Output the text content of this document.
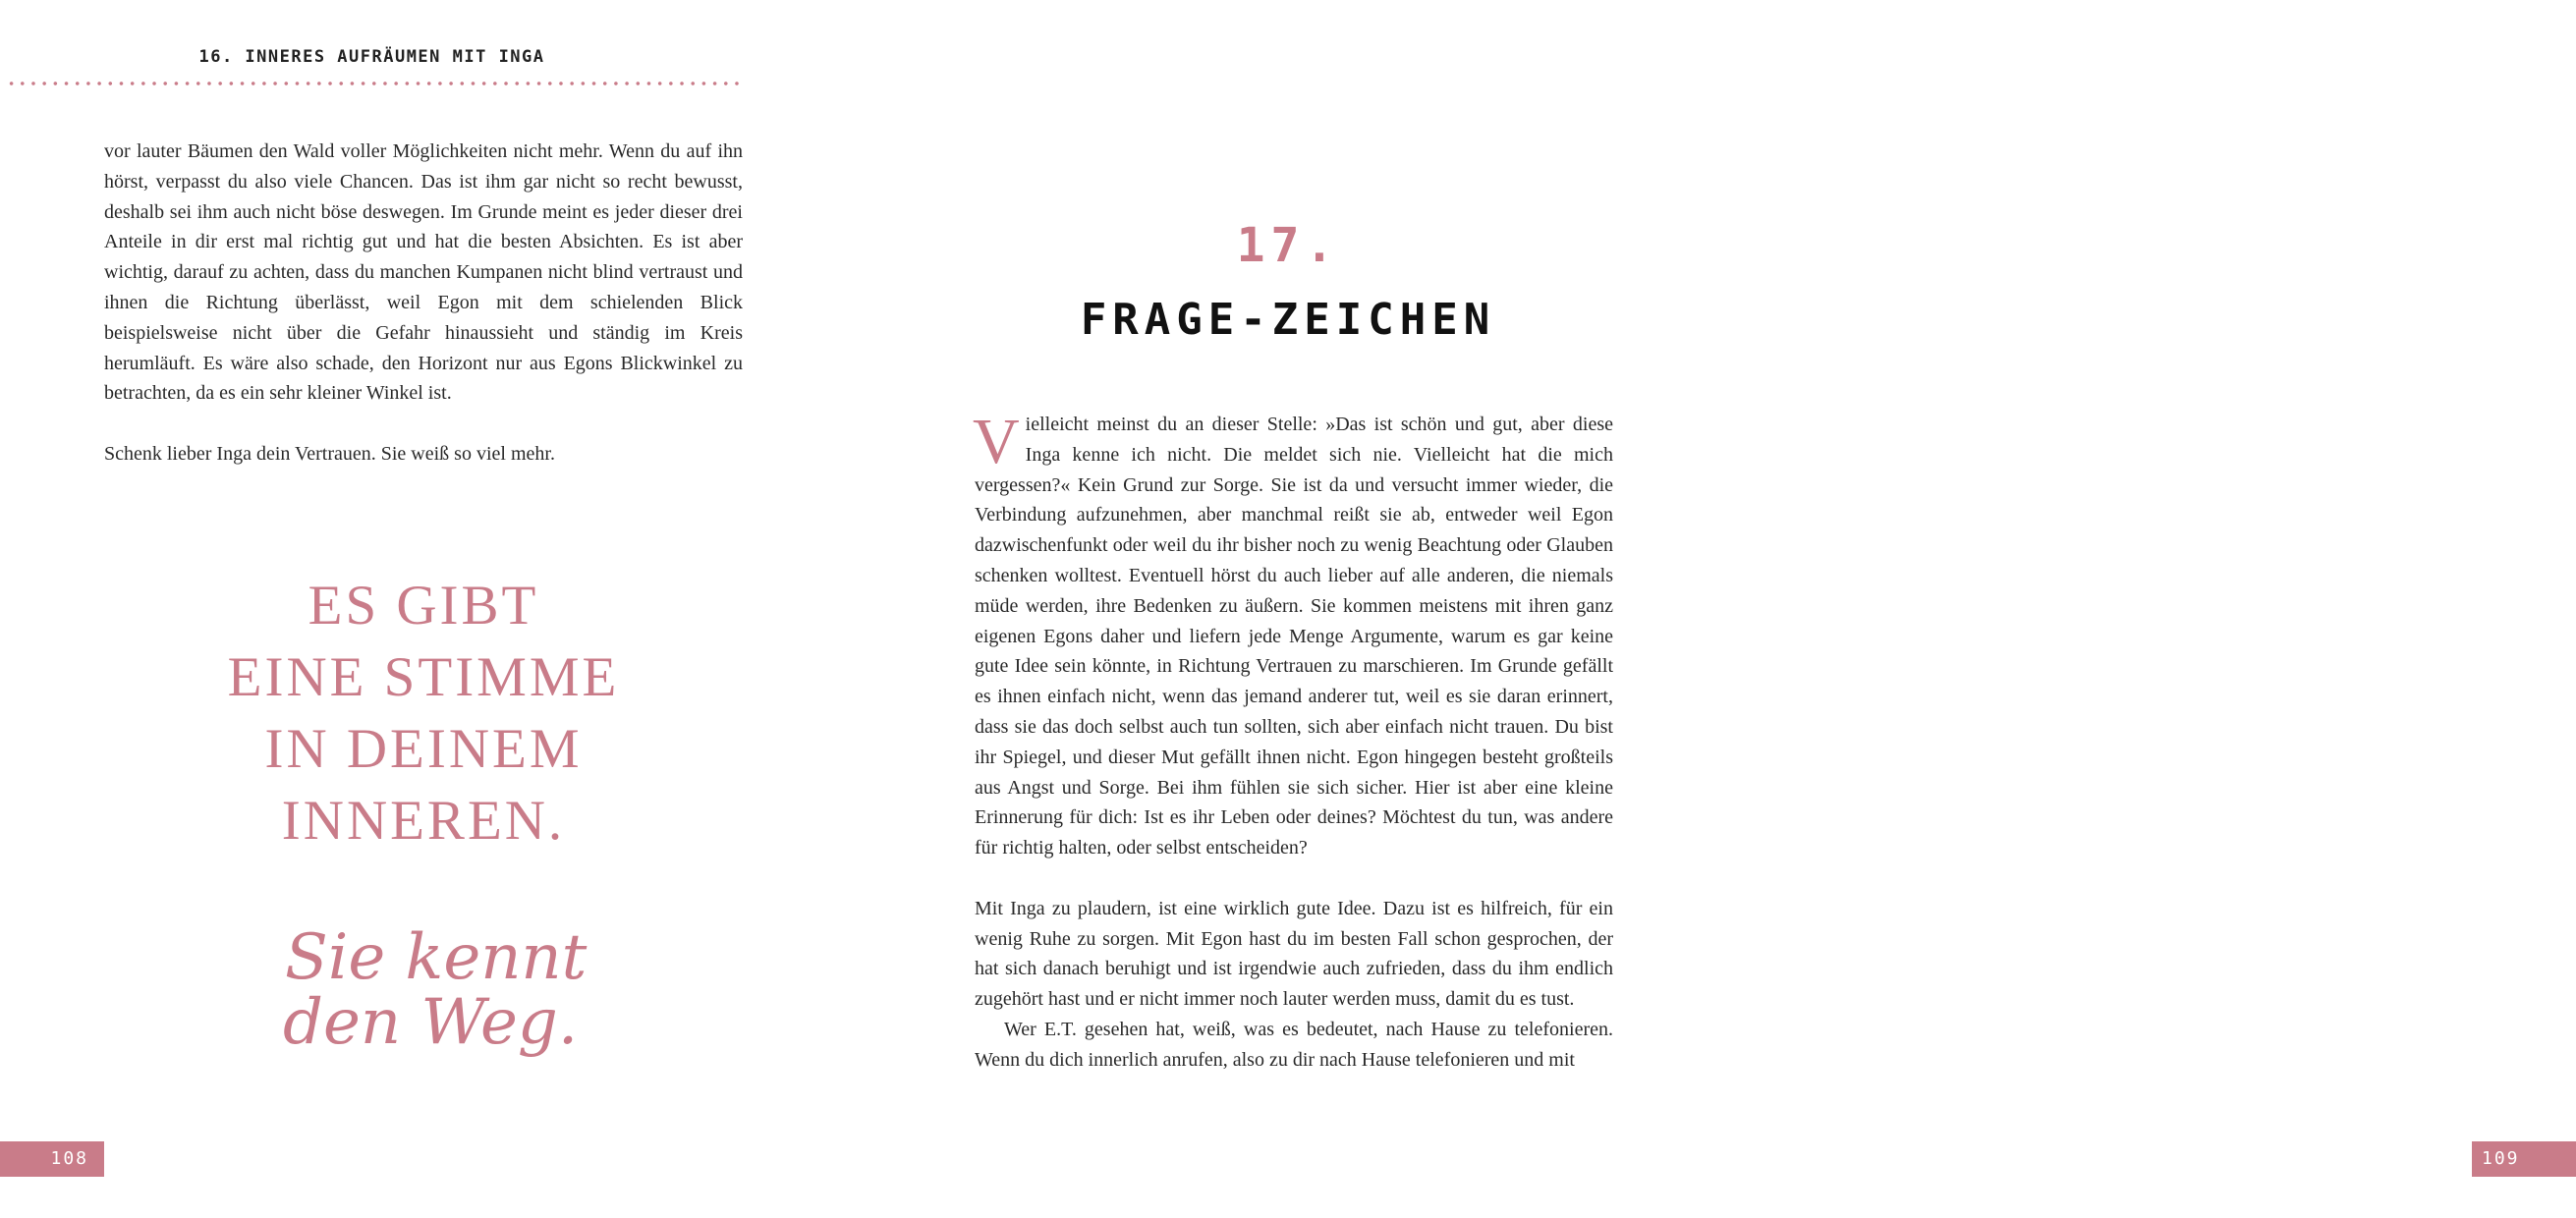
16. INNERES AUFRÄUMEN MIT INGA

vor lauter Bäumen den Wald voller Möglichkeiten nicht mehr. Wenn du auf ihn hörst, verpasst du also viele Chancen. Das ist ihm gar nicht so recht bewusst, deshalb sei ihm auch nicht böse deswegen. Im Grunde meint es jeder dieser drei Anteile in dir erst mal richtig gut und hat die besten Absichten. Es ist aber wichtig, darauf zu achten, dass du manchen Kumpanen nicht blind vertraust und ihnen die Richtung überlässt, weil Egon mit dem schielenden Blick beispielsweise nicht über die Gefahr hinaussieht und ständig im Kreis herumläuft. Es wäre also schade, den Horizont nur aus Egons Blickwinkel zu betrachten, da es ein sehr kleiner Winkel ist.

Schenk lieber Inga dein Vertrauen. Sie weiß so viel mehr.

ES GIBT
EINE STIMME
IN DEINEM
INNEREN.
Sie kennt
den Weg.
108
17.
FRAGE-ZEICHEN

Vielleicht meinst du an dieser Stelle: »Das ist schön und gut, aber diese Inga kenne ich nicht. Die meldet sich nie. Vielleicht hat die mich vergessen?« Kein Grund zur Sorge. Sie ist da und versucht immer wieder, die Verbindung aufzunehmen, aber manchmal reißt sie ab, entweder weil Egon dazwischenfunkt oder weil du ihr bisher noch zu wenig Beachtung oder Glauben schenken wolltest. Eventuell hörst du auch lieber auf alle anderen, die niemals müde werden, ihre Bedenken zu äußern. Sie kommen meistens mit ihren ganz eigenen Egons daher und liefern jede Menge Argumente, warum es gar keine gute Idee sein könnte, in Richtung Vertrauen zu marschieren. Im Grunde gefällt es ihnen einfach nicht, wenn das jemand anderer tut, weil es sie daran erinnert, dass sie das doch selbst auch tun sollten, sich aber einfach nicht trauen. Du bist ihr Spiegel, und dieser Mut gefällt ihnen nicht. Egon hingegen besteht großteils aus Angst und Sorge. Bei ihm fühlen sie sich sicher. Hier ist aber eine kleine Erinnerung für dich: Ist es ihr Leben oder deines? Möchtest du tun, was andere für richtig halten, oder selbst entscheiden?

Mit Inga zu plaudern, ist eine wirklich gute Idee. Dazu ist es hilfreich, für ein wenig Ruhe zu sorgen. Mit Egon hast du im besten Fall schon gesprochen, der hat sich danach beruhigt und ist irgendwie auch zufrieden, dass du ihm endlich zugehört hast und er nicht immer noch lauter werden muss, damit du es tust.

Wer E.T. gesehen hat, weiß, was es bedeutet, nach Hause zu telefonieren. Wenn du dich innerlich anrufen, also zu dir nach Hause telefonieren und mit

109
